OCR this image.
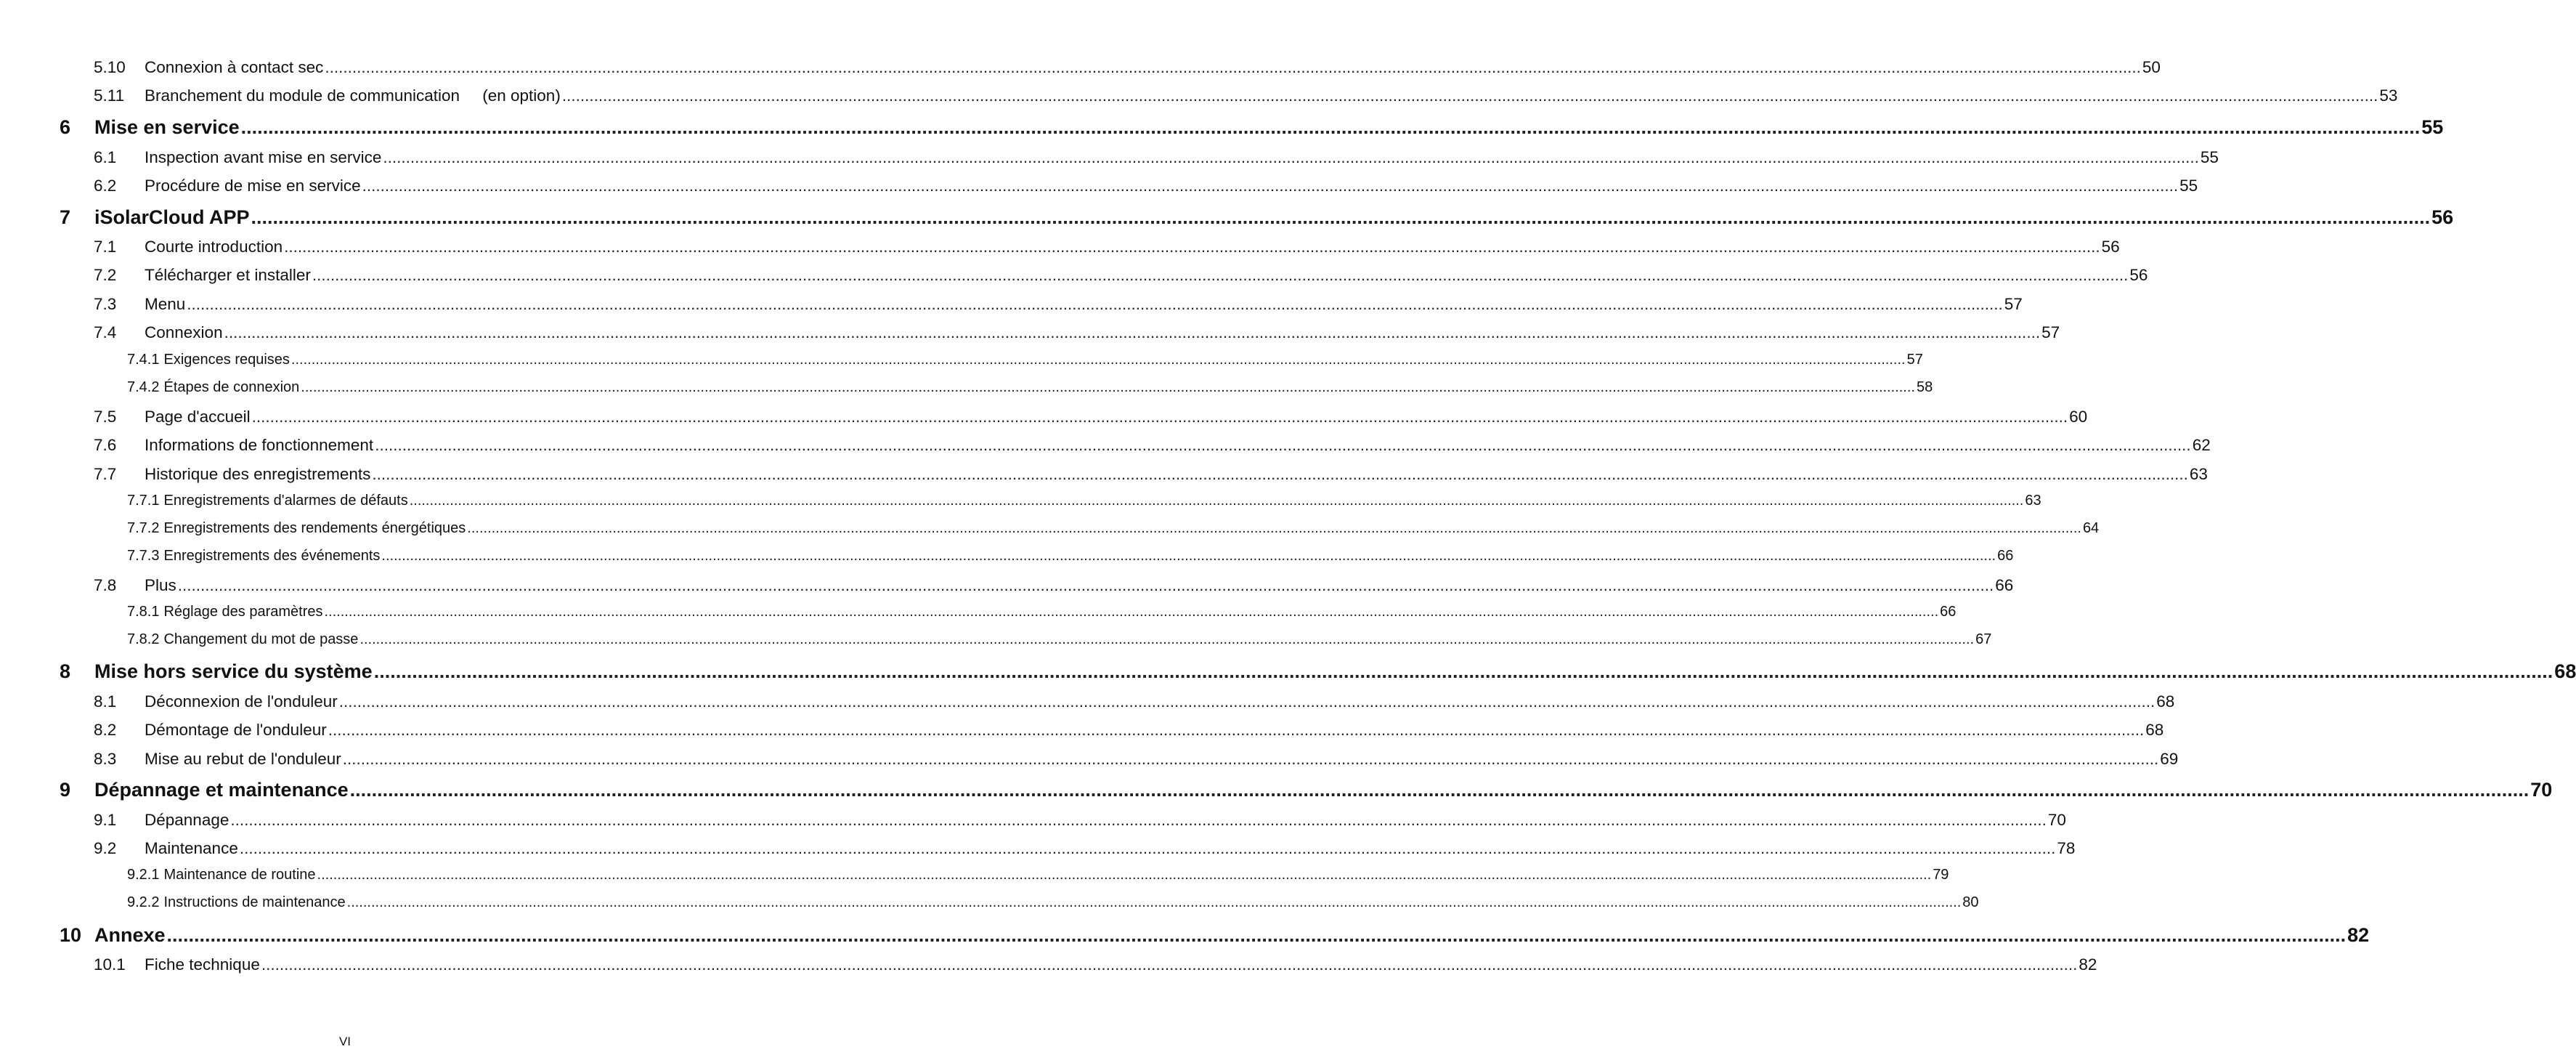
5.10	Connexion à contact sec ................................................................................................................................................................................................................................................................................................................................................................................................................ 50
5.11	Branchement du module de communication     (en option) ................................................................................................................................................................................................................................................................................................................................................................................................................ 53
6	Mise en service ................................................................................................................................................................................................................................................................................................................................................................................................................ 55
6.1	Inspection avant mise en service ................................................................................................................................................................................................................................................................................................................................................................................................................ 55
6.2	Procédure de mise en service ................................................................................................................................................................................................................................................................................................................................................................................................................ 55
7	iSolarCloud APP ................................................................................................................................................................................................................................................................................................................................................................................................................ 56
7.1	Courte introduction ................................................................................................................................................................................................................................................................................................................................................................................................................ 56
7.2	Télécharger et installer ................................................................................................................................................................................................................................................................................................................................................................................................................ 56
7.3	Menu ................................................................................................................................................................................................................................................................................................................................................................................................................ 57
7.4	Connexion ................................................................................................................................................................................................................................................................................................................................................................................................................ 57
7.4.1 Exigences requises ................................................................................................................................................................................................................................................................................................................................................................................................................ 57
7.4.2 Étapes de connexion ................................................................................................................................................................................................................................................................................................................................................................................................................ 58
7.5	Page d'accueil ................................................................................................................................................................................................................................................................................................................................................................................................................ 60
7.6	Informations de fonctionnement ................................................................................................................................................................................................................................................................................................................................................................................................................ 62
7.7	Historique des enregistrements ................................................................................................................................................................................................................................................................................................................................................................................................................ 63
7.7.1 Enregistrements d'alarmes de défauts ................................................................................................................................................................................................................................................................................................................................................................................................................ 63
7.7.2 Enregistrements des rendements énergétiques ................................................................................................................................................................................................................................................................................................................................................................................................................ 64
7.7.3 Enregistrements des événements ................................................................................................................................................................................................................................................................................................................................................................................................................ 66
7.8	Plus ................................................................................................................................................................................................................................................................................................................................................................................................................ 66
7.8.1 Réglage des paramètres ................................................................................................................................................................................................................................................................................................................................................................................................................ 66
7.8.2 Changement du mot de passe ................................................................................................................................................................................................................................................................................................................................................................................................................ 67
8	Mise hors service du système ................................................................................................................................................................................................................................................................................................................................................................................................................ 68
8.1	Déconnexion de l'onduleur ................................................................................................................................................................................................................................................................................................................................................................................................................ 68
8.2	Démontage de l'onduleur ................................................................................................................................................................................................................................................................................................................................................................................................................ 68
8.3	Mise au rebut de l'onduleur ................................................................................................................................................................................................................................................................................................................................................................................................................ 69
9	Dépannage et maintenance ................................................................................................................................................................................................................................................................................................................................................................................................................ 70
9.1	Dépannage ................................................................................................................................................................................................................................................................................................................................................................................................................ 70
9.2	Maintenance ................................................................................................................................................................................................................................................................................................................................................................................................................ 78
9.2.1 Maintenance de routine ................................................................................................................................................................................................................................................................................................................................................................................................................ 79
9.2.2 Instructions de maintenance ................................................................................................................................................................................................................................................................................................................................................................................................................ 80
10 Annexe ................................................................................................................................................................................................................................................................................................................................................................................................................ 82
10.1	Fiche technique ................................................................................................................................................................................................................................................................................................................................................................................................................ 82
VI
